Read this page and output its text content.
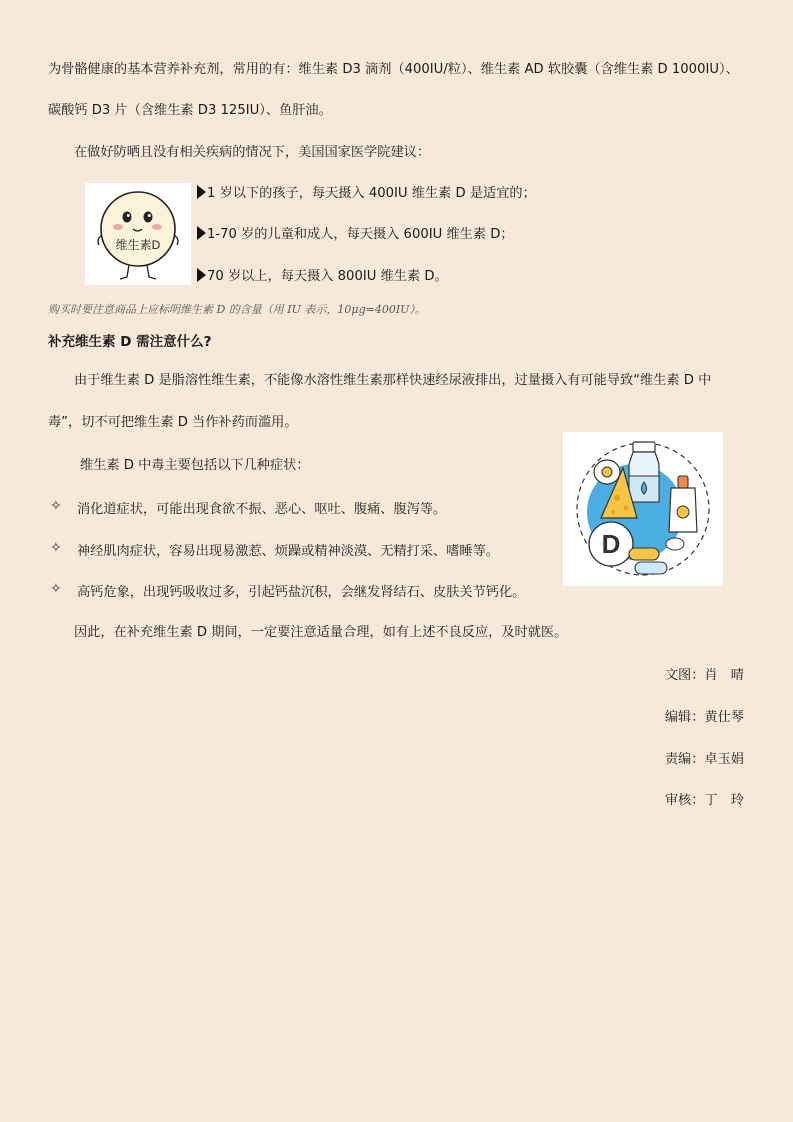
为骨骼健康的基本营养补充剂，常用的有：维生素 D3 滴剂（400IU/粒）、维生素 AD 软胶囊（含维生素 D 1000IU）、
碳酸钙 D3 片（含维生素 D3 125IU）、鱼肝油。
在做好防晒且没有相关疾病的情况下，美国国家医学院建议：
维生素D
1 岁以下的孩子，每天摄入 400IU 维生素 D 是适宜的；
1-70 岁的儿童和成人，每天摄入 600IU 维生素 D；
70 岁以上，每天摄入 800IU 维生素 D。
购买时要注意商品上应标明维生素 D 的含量（用 IU 表示，10μg=400IU）。
补充维生素 D 需注意什么?
由于维生素 D 是脂溶性维生素，不能像水溶性维生素那样快速经尿液排出，过量摄入有可能导致“维生素 D 中
毒”，切不可把维生素 D 当作补药而滥用。
维生素 D 中毒主要包括以下几种症状：
D
✧ 消化道症状，可能出现食欲不振、恶心、呕吐、腹痛、腹泻等。
✧ 神经肌肉症状，容易出现易激惹、烦躁或精神淡漠、无精打采、嗜睡等。
✧ 高钙危象，出现钙吸收过多，引起钙盐沉积，会继发肾结石、皮肤关节钙化。
因此，在补充维生素 D 期间，一定要注意适量合理，如有上述不良反应，及时就医。
文图：肖　晴
编辑：黄仕琴
责编：卓玉娟
审核：丁　玲
